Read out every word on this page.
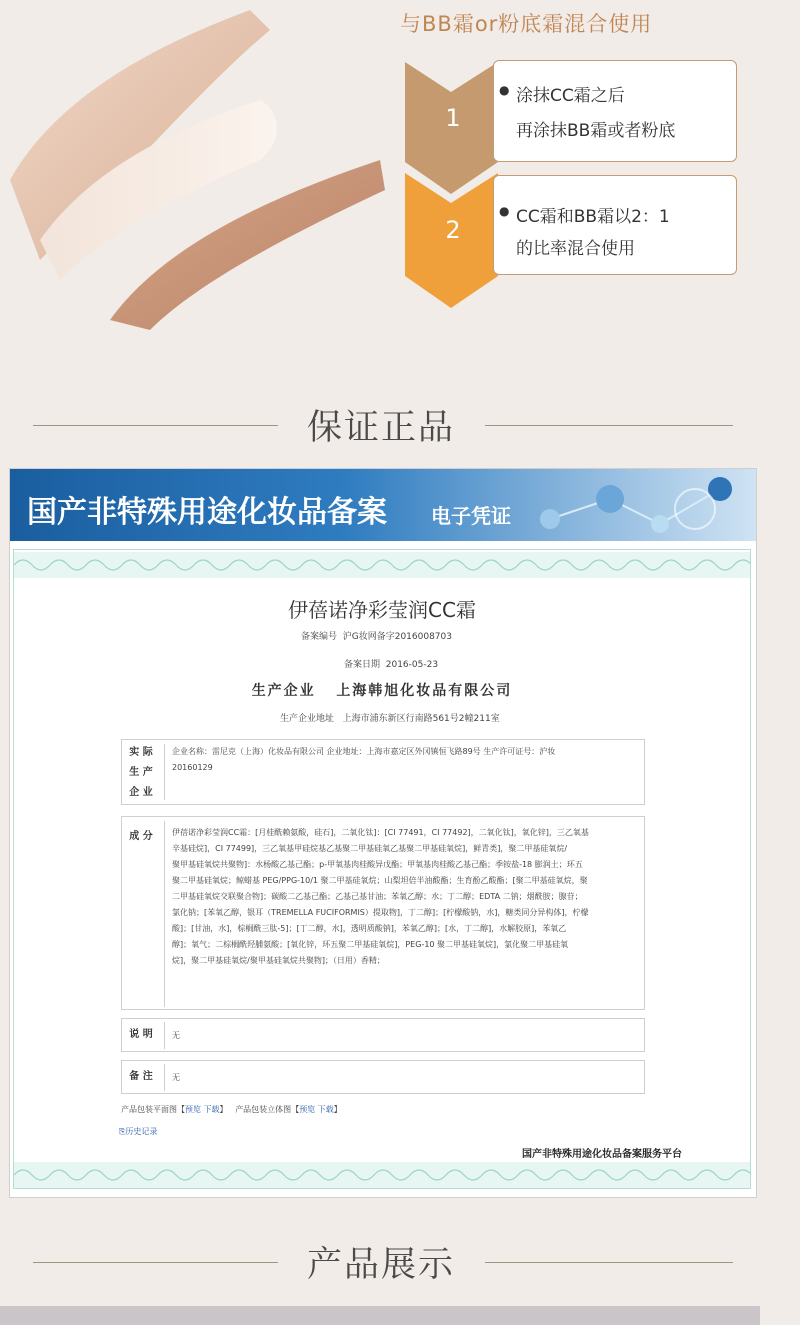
与BB霜or粉底霜混合使用
1
2
● 涂抹CC霜之后
再涂抹BB霜或者粉底
● CC霜和BB霜以2：1
的比率混合使用
保证正品
国产非特殊用途化妆品备案 电子凭证
伊蓓诺净彩莹润CC霜
备案编号 沪G妆网备字2016008703
备案日期 2016-05-23
生产企业 上海韩旭化妆品有限公司
生产企业地址 上海市浦东新区行南路561号2幢211室
实 际
生 产
企 业
企业名称：雷尼克（上海）化妆品有限公司 企业地址：上海市嘉定区外冈镇恒飞路89号 生产许可证号：沪妆
20160129
成 分	伊蓓诺净彩莹润CC霜：[月桂酰赖氨酸，硅石]，二氧化钛]：[CI 77491，CI 77492]，二氧化钛]，氧化锌]，三乙氧基
辛基硅烷]，CI 77499]，三乙氧基甲硅烷基乙基聚二甲基硅氧乙基聚二甲基硅氧烷]，鲜青类]，聚二甲基硅氧烷/
聚甲基硅氧烷共聚物]：水杨酸乙基己酯；p-甲氧基肉桂酸异戊酯；甲氧基肉桂酸乙基己酯；季铵盐-18 膨润土；环五
聚二甲基硅氧烷；鲸蜡基 PEG/PPG-10/1 聚二甲基硅氧烷；山梨坦倍半油酸酯；生育酚乙酸酯；[聚二甲基硅氧烷，聚
二甲基硅氧烷交联聚合物]；碳酸二乙基己酯；乙基己基甘油；苯氧乙醇；水；丁二醇；EDTA 二钠；烟酰胺；腺苷；
氯化钠；[苯氧乙醇，银耳（TREMELLA FUCIFORMIS）提取物]，丁二醇]；[柠檬酸钠，水]，糖类同分异构体]，柠檬
酸]；[甘油，水]，棕榈酰三肽-5]；[丁二醇，水]，透明质酸钠]，苯氧乙醇]；[水，丁二醇]，水解胶原]，苯氧乙
醇]；氧气；二棕榈酰羟脯氨酸；[氧化锌，环五聚二甲基硅氧烷]，PEG-10 聚二甲基硅氧烷]，氯化聚二甲基硅氧
烷]，聚二甲基硅氧烷/聚甲基硅氧烷共聚物]；（日用）香精；
说 明	无
备 注	无
产品包装平面图【预览 下载】 产品包装立体图【预览 下载】
⎘历史记录
国产非特殊用途化妆品备案服务平台
产品展示
